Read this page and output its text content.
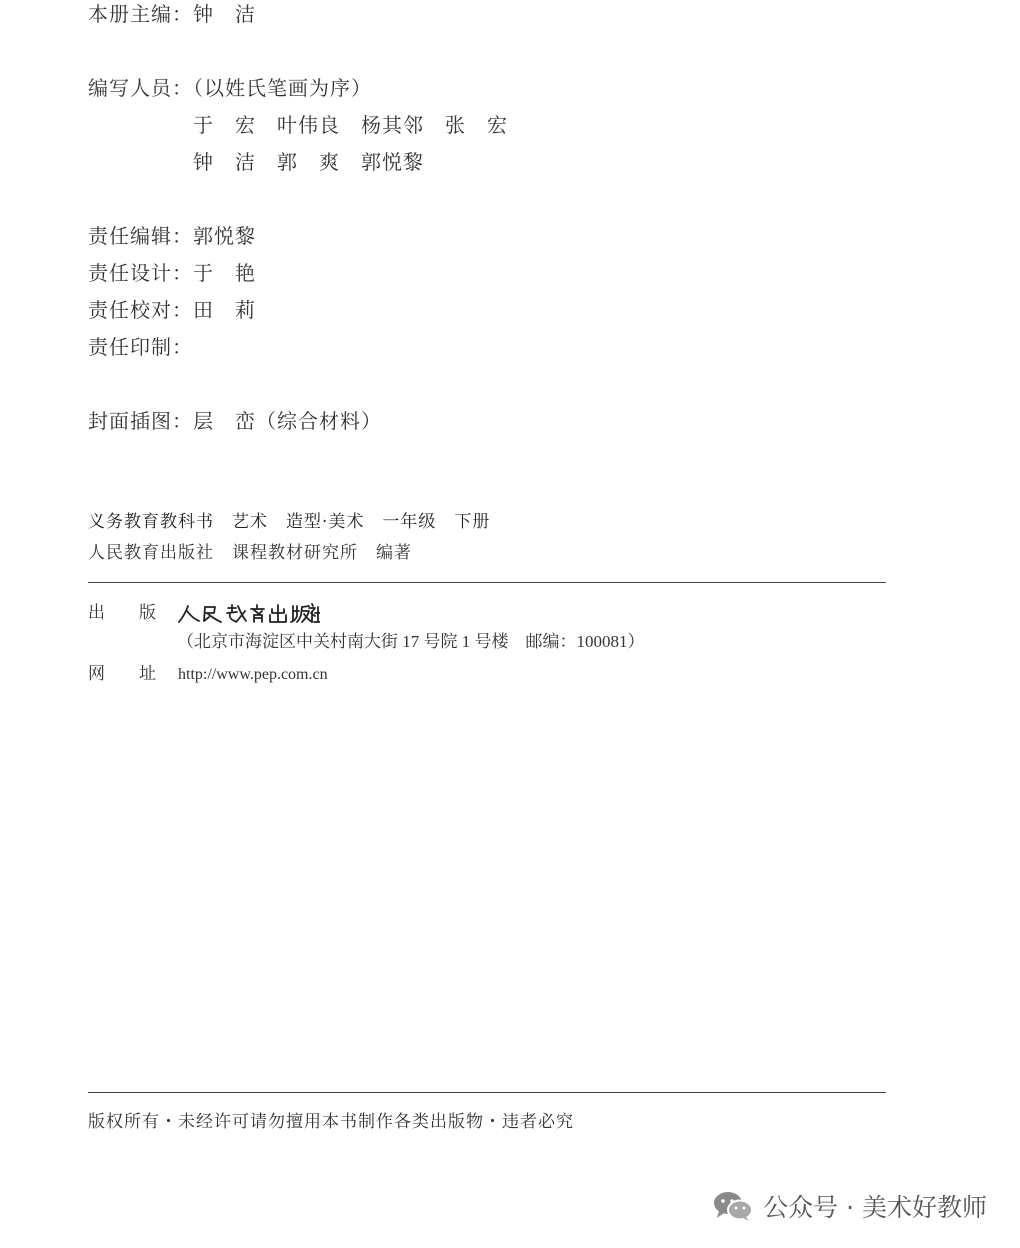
本册主编：钟　洁
编写人员：（以姓氏笔画为序）
于　宏 叶伟良 杨其邻 张　宏
钟　洁 郭　爽 郭悦黎
责任编辑：郭悦黎
责任设计：于　艳
责任校对：田　莉
责任印制：
封面插图：层　峦（综合材料）
义务教育教科书　艺术　造型·美术　一年级　下册
人民教育出版社　课程教材研究所　编著
出　　版
（北京市海淀区中关村南大街 17 号院 1 号楼　邮编：100081）
网　　址 http://www.pep.com.cn
版权所有・未经许可请勿擅用本书制作各类出版物・违者必究
公众号 · 美术好教师
